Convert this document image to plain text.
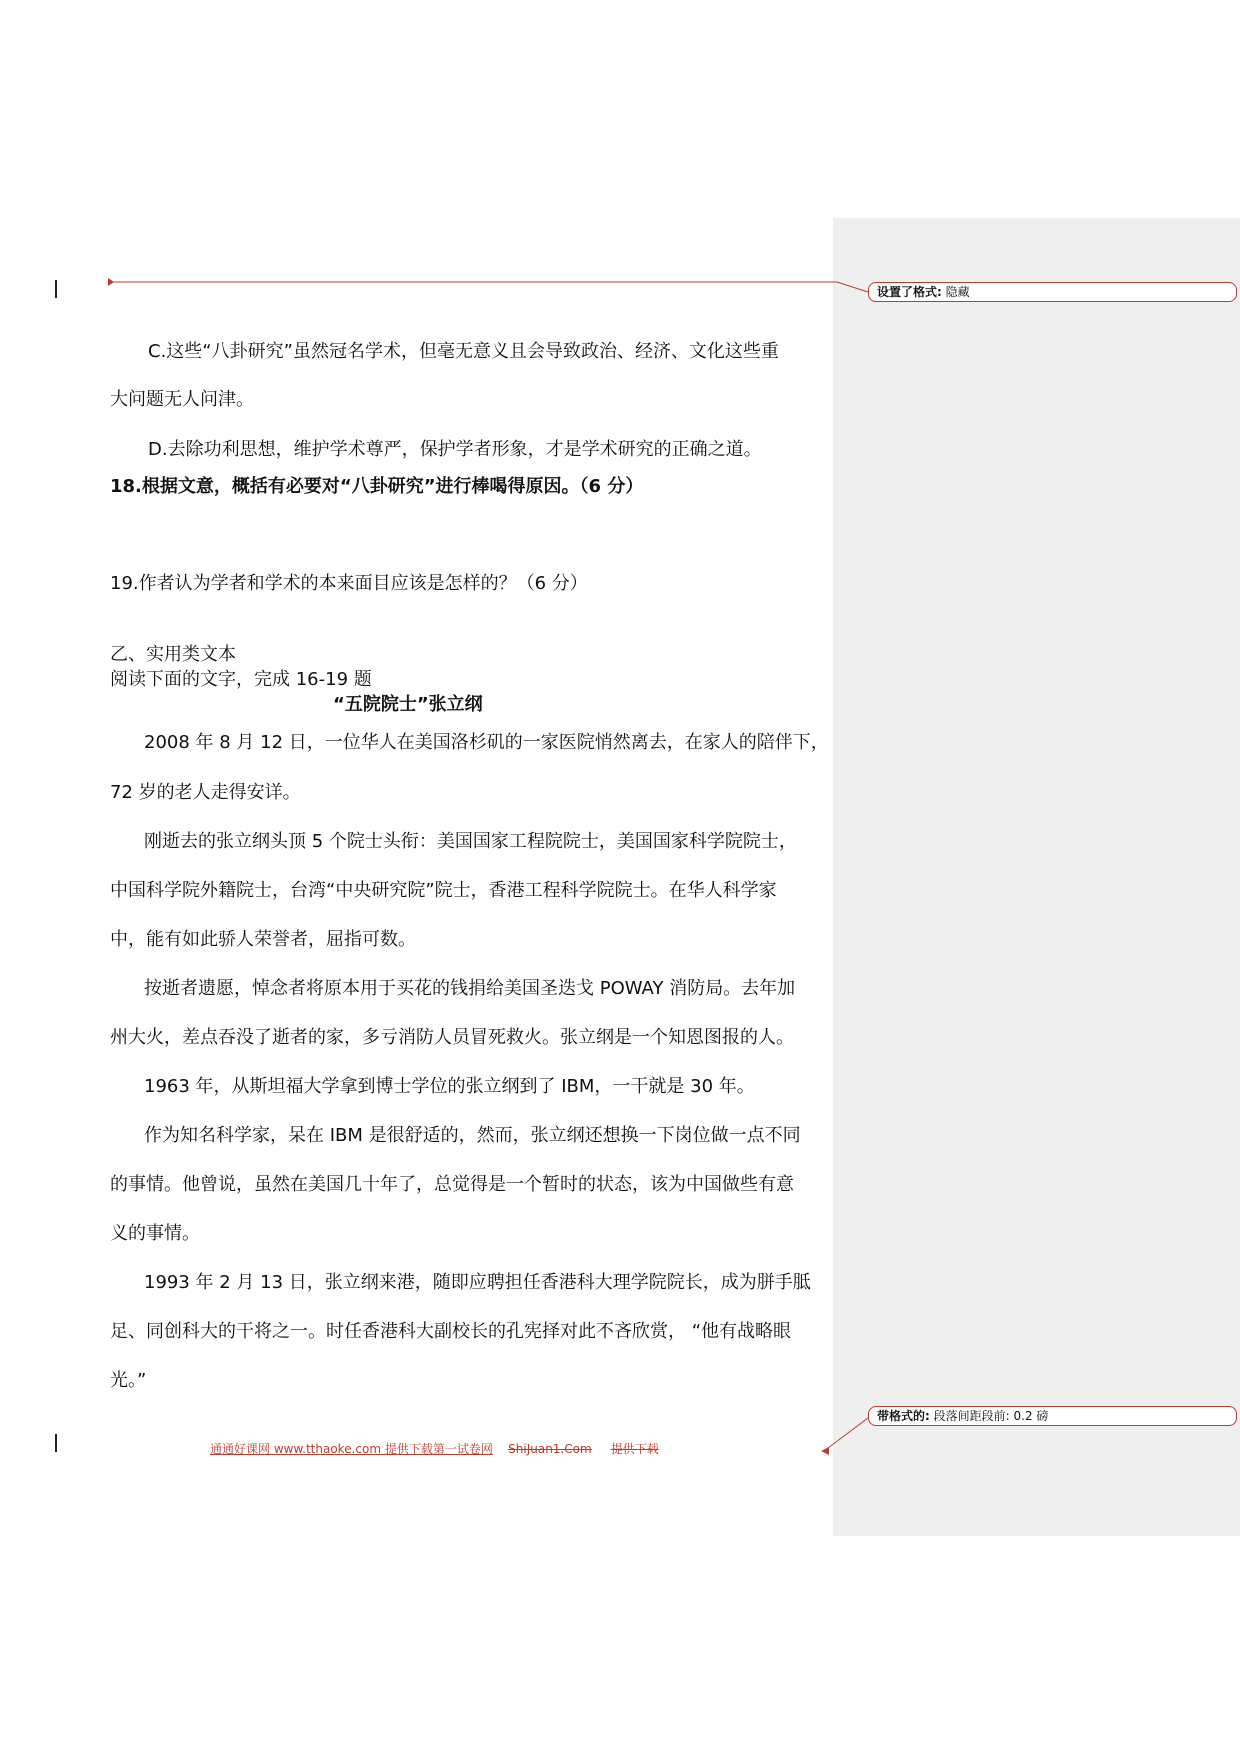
设置了格式: 隐藏
带格式的: 段落间距段前: 0.2 磅
C.这些“八卦研究”虽然冠名学术，但毫无意义且会导致政治、经济、文化这些重
大问题无人问津。
D.去除功利思想，维护学术尊严，保护学者形象，才是学术研究的正确之道。
18.根据文意，概括有必要对“八卦研究”进行棒喝得原因。（6 分）
19.作者认为学者和学术的本来面目应该是怎样的？（6 分）
乙、实用类文本
阅读下面的文字，完成 16-19 题
“五院院士”张立纲
2008 年 8 月 12 日，一位华人在美国洛杉矶的一家医院悄然离去，在家人的陪伴下，
72 岁的老人走得安详。
刚逝去的张立纲头顶 5 个院士头衔：美国国家工程院院士，美国国家科学院院士，
中国科学院外籍院士，台湾“中央研究院”院士，香港工程科学院院士。在华人科学家
中，能有如此骄人荣誉者，屈指可数。
按逝者遗愿，悼念者将原本用于买花的钱捐给美国圣迭戈 POWAY 消防局。去年加
州大火，差点吞没了逝者的家，多亏消防人员冒死救火。张立纲是一个知恩图报的人。
1963 年，从斯坦福大学拿到博士学位的张立纲到了 IBM，一干就是 30 年。
作为知名科学家，呆在 IBM 是很舒适的，然而，张立纲还想换一下岗位做一点不同
的事情。他曾说，虽然在美国几十年了，总觉得是一个暂时的状态，该为中国做些有意
义的事情。
1993 年 2 月 13 日，张立纲来港，随即应聘担任香港科大理学院院长，成为胼手胝
足、同创科大的干将之一。时任香港科大副校长的孔宪择对此不吝欣赏， “他有战略眼
光。”
通通好课网 www.tthaoke.com 提供下载第一试卷网 ShiJuan1.Com 提供下载
